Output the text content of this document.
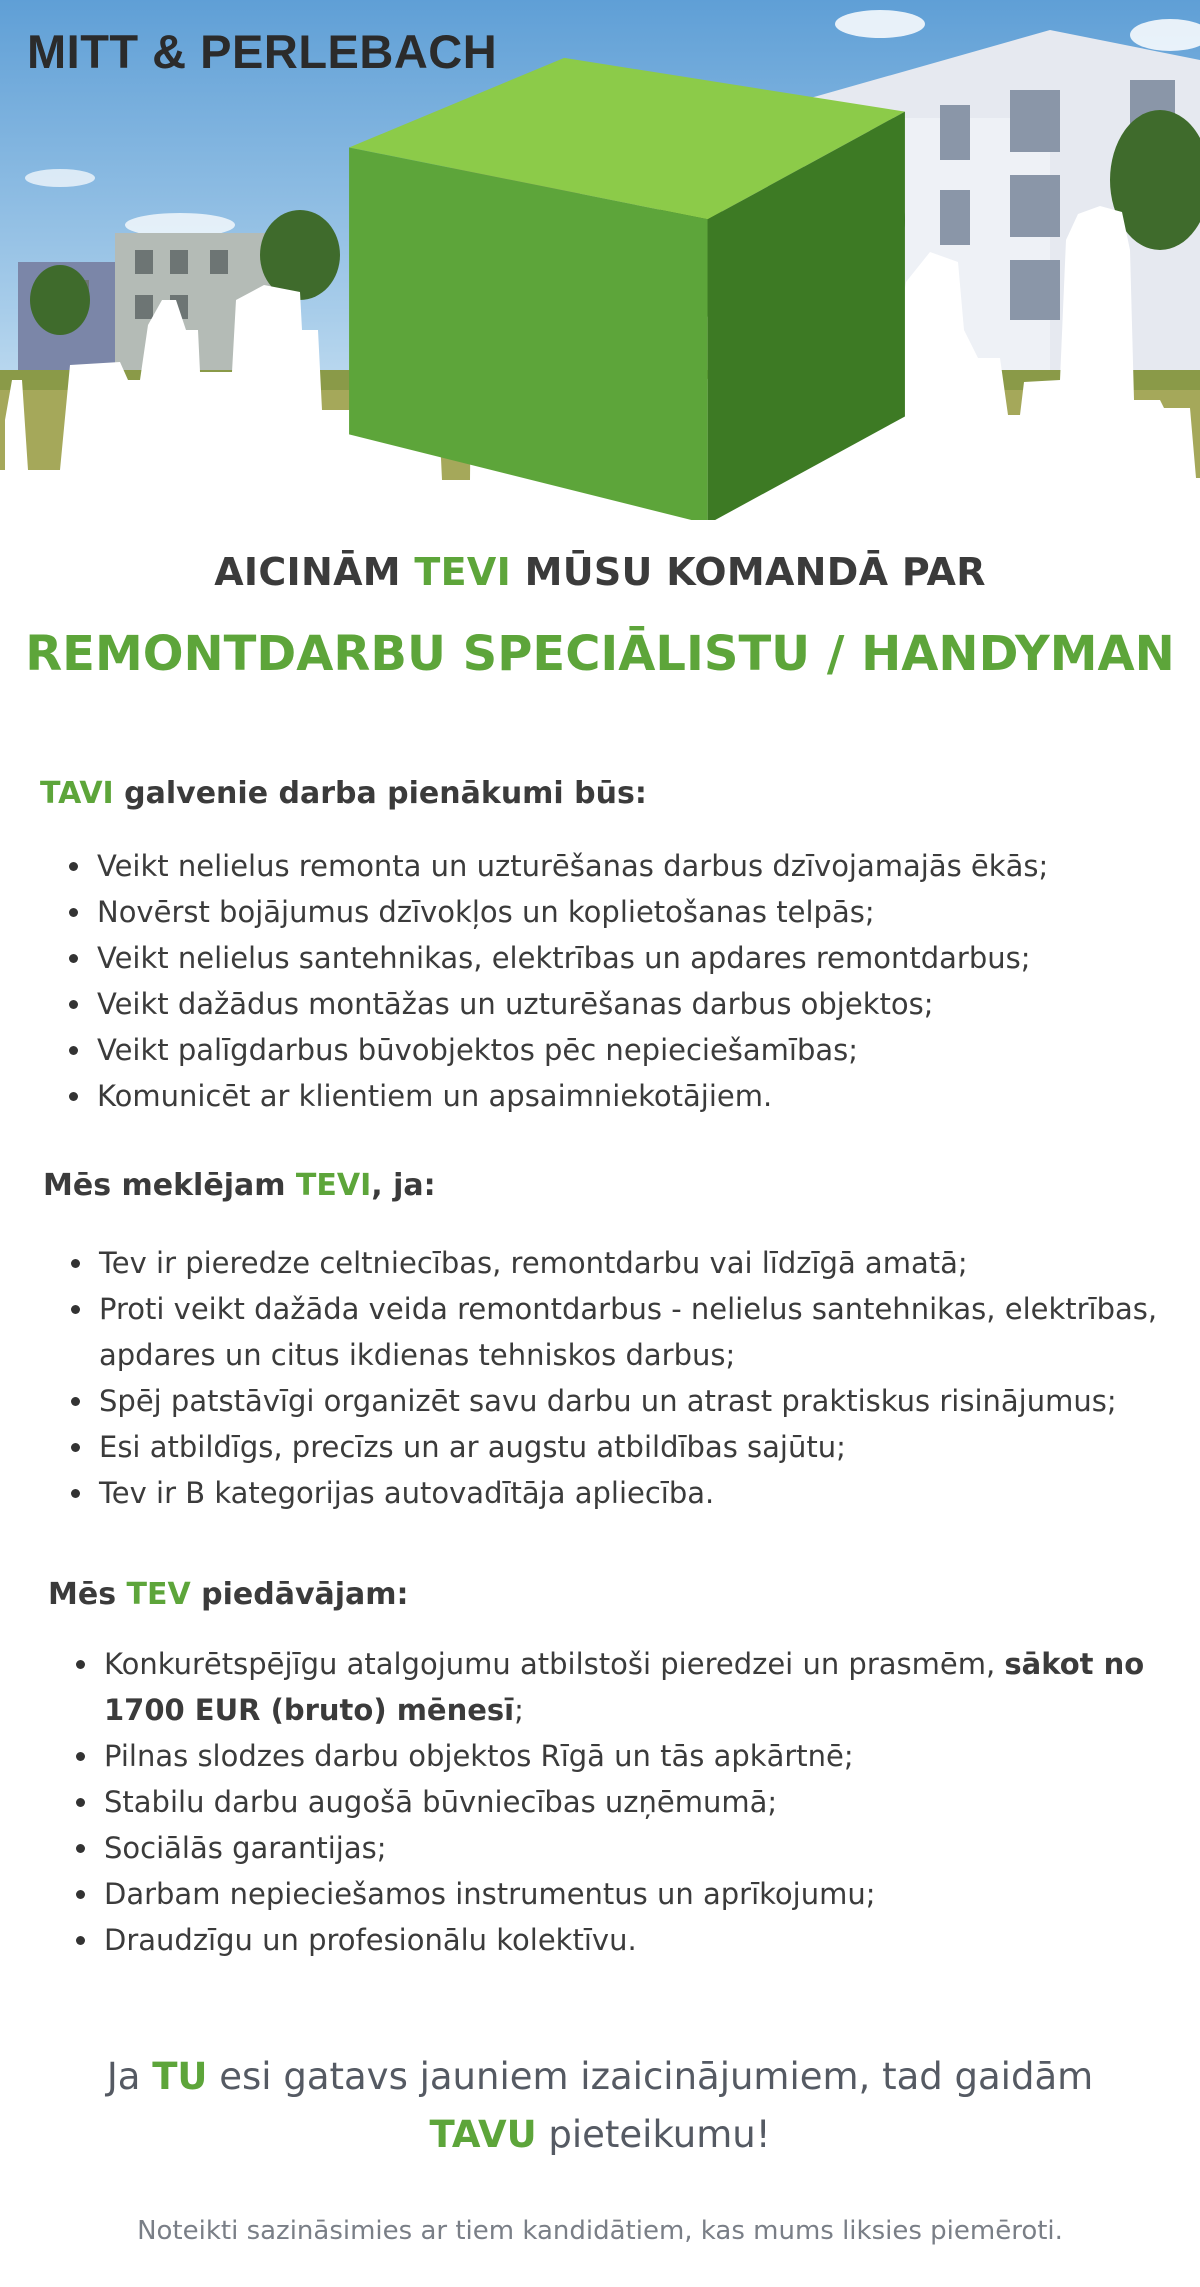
MITT & PERLEBACH
AICINĀM TEVI MŪSU KOMANDĀ PAR
REMONTDARBU SPECIĀLISTU / HANDYMAN
TAVI galvenie darba pienākumi būs:
Veikt nelielus remonta un uzturēšanas darbus dzīvojamajās ēkās;
Novērst bojājumus dzīvokļos un koplietošanas telpās;
Veikt nelielus santehnikas, elektrības un apdares remontdarbus;
Veikt dažādus montāžas un uzturēšanas darbus objektos;
Veikt palīgdarbus būvobjektos pēc nepieciešamības;
Komunicēt ar klientiem un apsaimniekotājiem.
Mēs meklējam TEVI, ja:
Tev ir pieredze celtniecības, remontdarbu vai līdzīgā amatā;
Proti veikt dažāda veida remontdarbus - nelielus santehnikas, elektrības, apdares un citus ikdienas tehniskos darbus;
Spēj patstāvīgi organizēt savu darbu un atrast praktiskus risinājumus;
Esi atbildīgs, precīzs un ar augstu atbildības sajūtu;
Tev ir B kategorijas autovadītāja apliecība.
Mēs TEV piedāvājam:
Konkurētspējīgu atalgojumu atbilstoši pieredzei un prasmēm, sākot no 1700 EUR (bruto) mēnesī;
Pilnas slodzes darbu objektos Rīgā un tās apkārtnē;
Stabilu darbu augošā būvniecības uzņēmumā;
Sociālās garantijas;
Darbam nepieciešamos instrumentus un aprīkojumu;
Draudzīgu un profesionālu kolektīvu.
Ja TU esi gatavs jauniem izaicinājumiem, tad gaidām
TAVU pieteikumu!
Noteikti sazināsimies ar tiem kandidātiem, kas mums liksies piemēroti.
